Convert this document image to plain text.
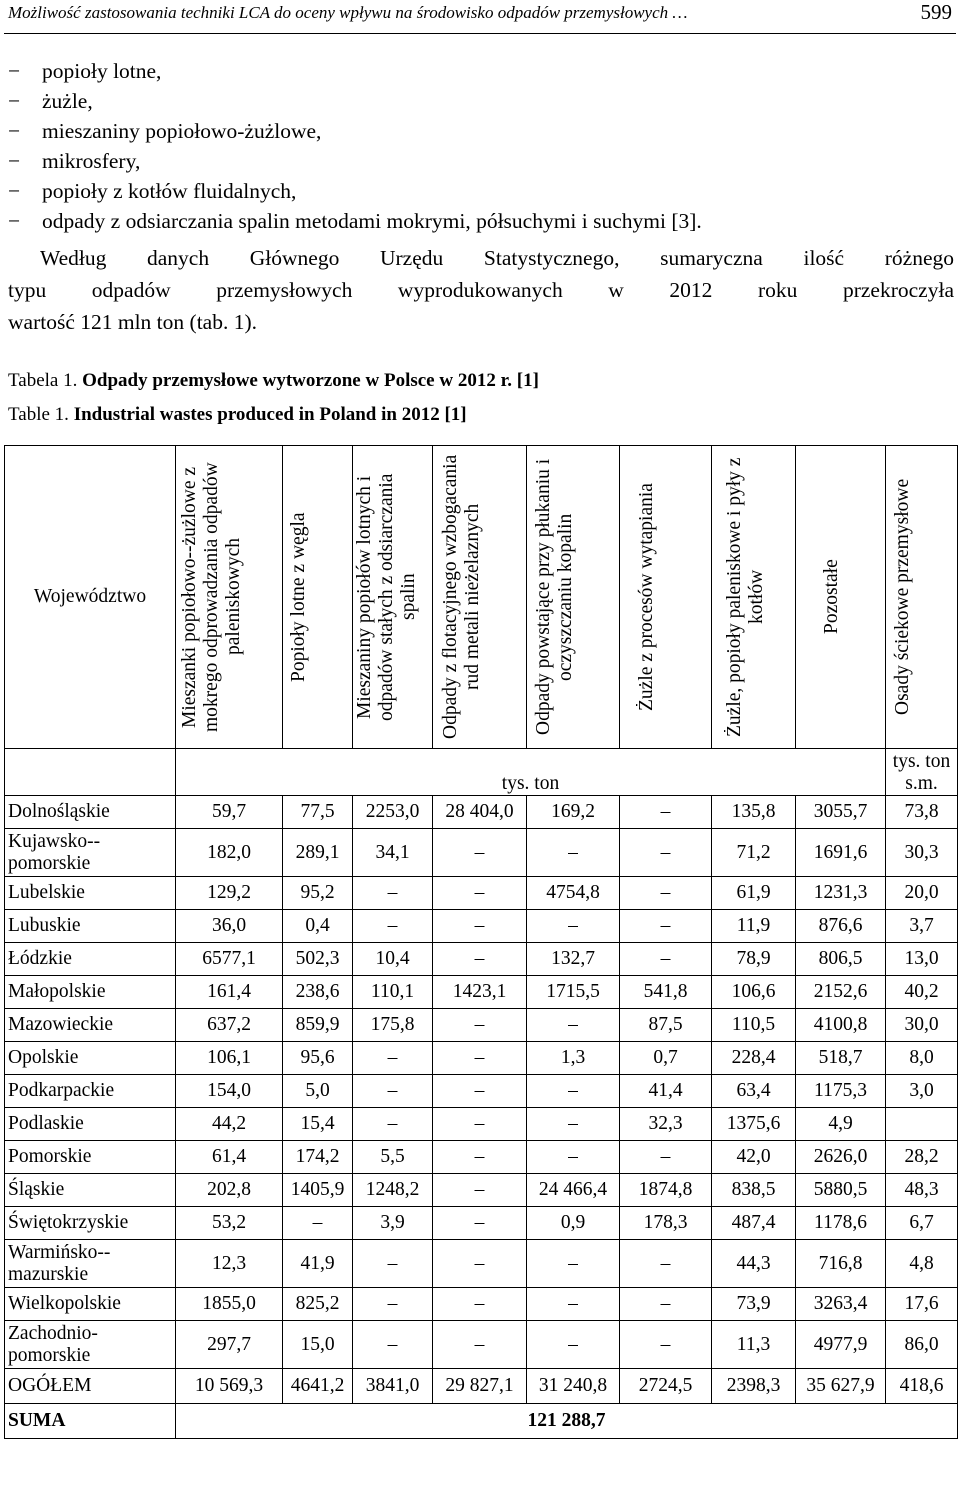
Możliwość zastosowania techniki LCA do oceny wpływu na środowisko odpadów przemysłowych …	599
− popioły lotne,
− żużle,
− mieszaniny popiołowo-żużlowe,
− mikrosfery,
− popioły z kotłów fluidalnych,
− odpady z odsiarczania spalin metodami mokrymi, półsuchymi i suchymi [3].
Według danych Głównego Urzędu Statystycznego, sumaryczna ilość różnego
typu odpadów przemysłowych wyprodukowanych w 2012 roku przekroczyła
wartość 121 mln ton (tab. 1).
Tabela 1. Odpady przemysłowe wytworzone w Polsce w 2012 r. [1]
Table 1. Industrial wastes produced in Poland in 2012 [1]
Województwo	Mieszanki popiołowo--żużlowe z mokrego odprowadzania odpadów paleniskowych	Popioły lotne z węgla	Mieszaniny popiołów lotnych i odpadów stałych z odsiarczania spalin	Odpady z flotacyjnego wzbogacania rud metali nieżelaznych	Odpady powstające przy płukaniu i oczyszczaniu kopalin	Żużle z procesów wytapiania	Żużle, popioły paleniskowe i pyły z kotłów	Pozostałe	Osady ściekowe przemysłowe

	tys. ton								tys. ton s.m.
Dolnośląskie	59,7	77,5	2253,0	28 404,0	169,2	–	135,8	3055,7	73,8
Kujawsko--pomorskie	182,0	289,1	34,1	–	–	–	71,2	1691,6	30,3
Lubelskie	129,2	95,2	–	–	4754,8	–	61,9	1231,3	20,0
Lubuskie	36,0	0,4	–	–	–	–	11,9	876,6	3,7
Łódzkie	6577,1	502,3	10,4	–	132,7	–	78,9	806,5	13,0
Małopolskie	161,4	238,6	110,1	1423,1	1715,5	541,8	106,6	2152,6	40,2
Mazowieckie	637,2	859,9	175,8	–	–	87,5	110,5	4100,8	30,0
Opolskie	106,1	95,6	–	–	1,3	0,7	228,4	518,7	8,0
Podkarpackie	154,0	5,0	–	–	–	41,4	63,4	1175,3	3,0
Podlaskie	44,2	15,4	–	–	–	32,3	1375,6	4,9	
Pomorskie	61,4	174,2	5,5	–	–	–	42,0	2626,0	28,2
Śląskie	202,8	1405,9	1248,2	–	24 466,4	1874,8	838,5	5880,5	48,3
Świętokrzyskie	53,2	–	3,9	–	0,9	178,3	487,4	1178,6	6,7
Warmińsko--mazurskie	12,3	41,9	–	–	–	–	44,3	716,8	4,8
Wielkopolskie	1855,0	825,2	–	–	–	–	73,9	3263,4	17,6
Zachodnio-pomorskie	297,7	15,0	–	–	–	–	11,3	4977,9	86,0
OGÓŁEM	10 569,3	4641,2	3841,0	29 827,1	31 240,8	2724,5	2398,3	35 627,9	418,6
SUMA	121 288,7								
